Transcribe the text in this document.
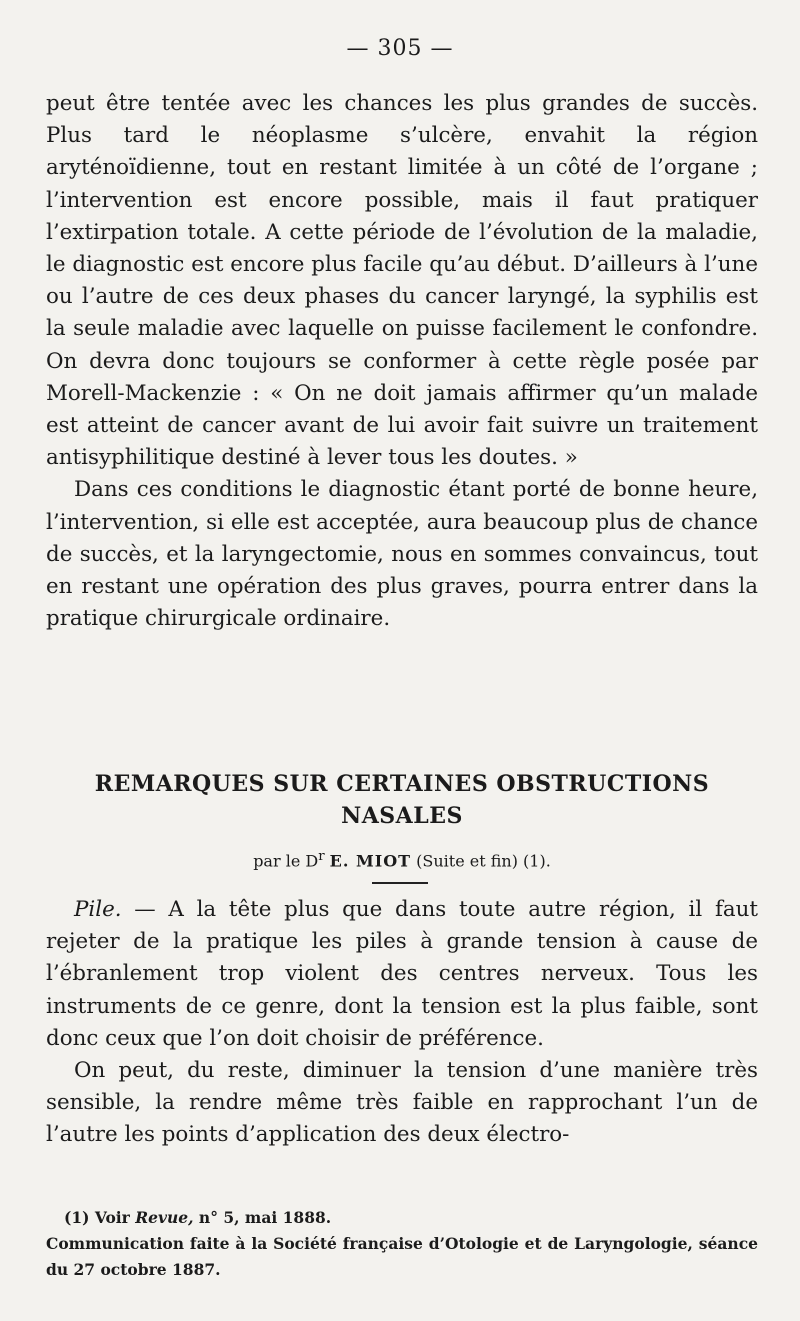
— 305 —

peut être tentée avec les chances les plus grandes de succès. Plus tard le néoplasme s’ulcère, envahit la région aryténoïdienne, tout en restant limitée à un côté de l’organe ; l’intervention est encore possible, mais il faut pratiquer l’extirpation totale. A cette période de l’évolution de la maladie, le diagnostic est encore plus facile qu’au début. D’ailleurs à l’une ou l’autre de ces deux phases du cancer laryngé, la syphilis est la seule maladie avec laquelle on puisse facilement le confondre. On devra donc toujours se conformer à cette règle posée par Morell-Mackenzie : « On ne doit jamais affirmer qu’un malade est atteint de cancer avant de lui avoir fait suivre un traitement antisyphilitique destiné à lever tous les doutes. »

Dans ces conditions le diagnostic étant porté de bonne heure, l’intervention, si elle est acceptée, aura beaucoup plus de chance de succès, et la laryngectomie, nous en sommes convaincus, tout en restant une opération des plus graves, pourra entrer dans la pratique chirurgicale ordinaire.

REMARQUES SUR CERTAINES OBSTRUCTIONS
NASALES

par le $D^r$ E. MIOT (Suite et fin) (1).

Pile. — A la tête plus que dans toute autre région, il faut rejeter de la pratique les piles à grande tension à cause de l’ébranlement trop violent des centres nerveux. Tous les instruments de ce genre, dont la tension est la plus faible, sont donc ceux que l’on doit choisir de préférence.

On peut, du reste, diminuer la tension d’une manière très sensible, la rendre même très faible en rapprochant l’un de l’autre les points d’application des deux électro-

(1) Voir Revue, n° 5, mai 1888.

Communication faite à la Société française d’Otologie et de Laryngologie, séance du 27 octobre 1887.
